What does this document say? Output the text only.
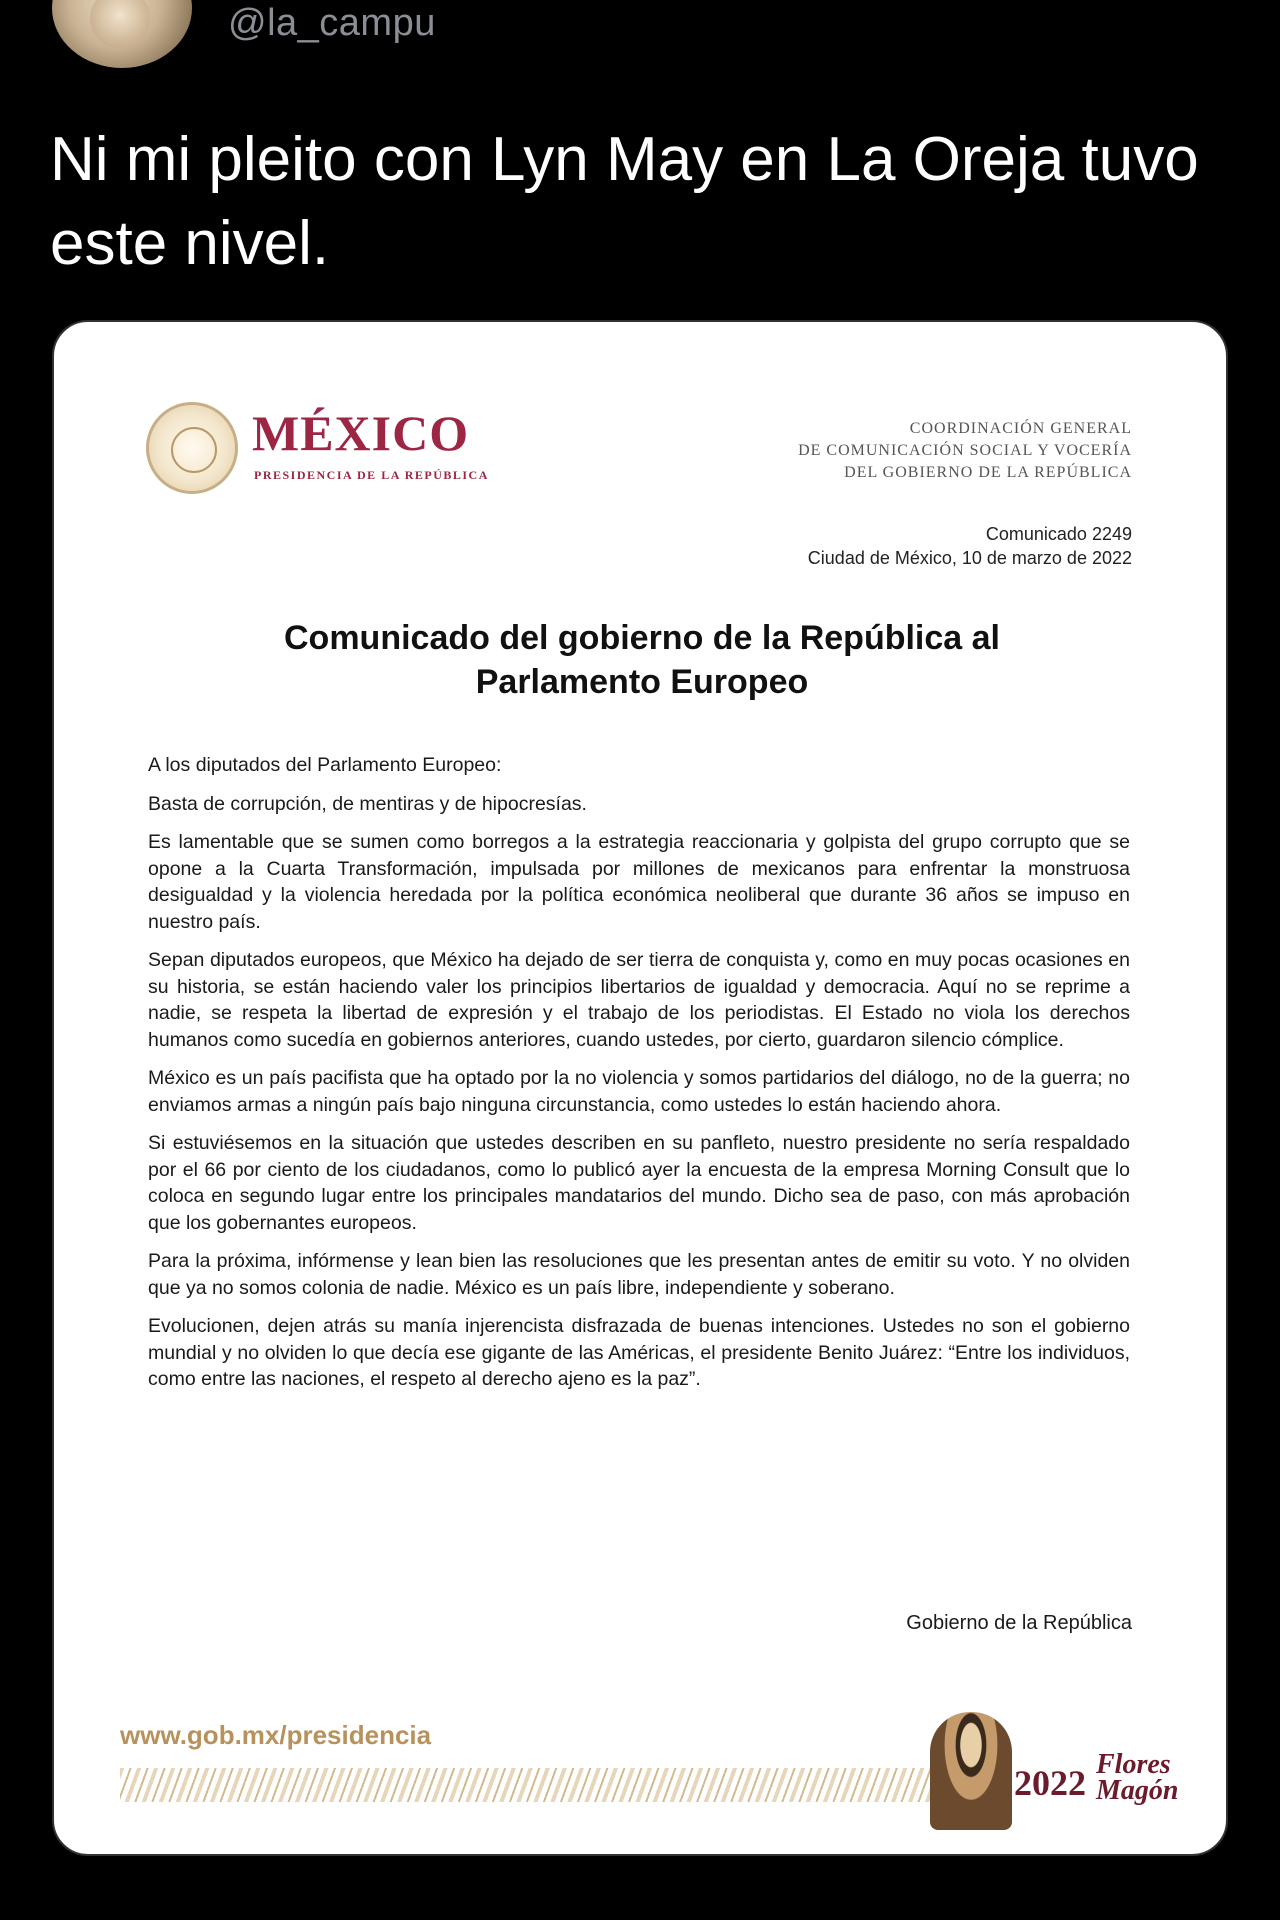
@la_campu
Ni mi pleito con Lyn May en La Oreja tuvo este nivel.
MÉXICO
PRESIDENCIA DE LA REPÚBLICA
COORDINACIÓN GENERAL
DE COMUNICACIÓN SOCIAL Y VOCERÍA
DEL GOBIERNO DE LA REPÚBLICA
Comunicado 2249
Ciudad de México, 10 de marzo de 2022
Comunicado del gobierno de la República al
Parlamento Europeo

A los diputados del Parlamento Europeo:

Basta de corrupción, de mentiras y de hipocresías.

Es lamentable que se sumen como borregos a la estrategia reaccionaria y golpista del grupo corrupto que se opone a la Cuarta Transformación, impulsada por millones de mexicanos para enfrentar la monstruosa desigualdad y la violencia heredada por la política económica neoliberal que durante 36 años se impuso en nuestro país.

Sepan diputados europeos, que México ha dejado de ser tierra de conquista y, como en muy pocas ocasiones en su historia, se están haciendo valer los principios libertarios de igualdad y democracia. Aquí no se reprime a nadie, se respeta la libertad de expresión y el trabajo de los periodistas. El Estado no viola los derechos humanos como sucedía en gobiernos anteriores, cuando ustedes, por cierto, guardaron silencio cómplice.

México es un país pacifista que ha optado por la no violencia y somos partidarios del diálogo, no de la guerra; no enviamos armas a ningún país bajo ninguna circunstancia, como ustedes lo están haciendo ahora.

Si estuviésemos en la situación que ustedes describen en su panfleto, nuestro presidente no sería respaldado por el 66 por ciento de los ciudadanos, como lo publicó ayer la encuesta de la empresa Morning Consult que lo coloca en segundo lugar entre los principales mandatarios del mundo. Dicho sea de paso, con más aprobación que los gobernantes europeos.

Para la próxima, infórmense y lean bien las resoluciones que les presentan antes de emitir su voto. Y no olviden que ya no somos colonia de nadie. México es un país libre, independiente y soberano.

Evolucionen, dejen atrás su manía injerencista disfrazada de buenas intenciones. Ustedes no son el gobierno mundial y no olviden lo que decía ese gigante de las Américas, el presidente Benito Juárez: “Entre los individuos, como entre las naciones, el respeto al derecho ajeno es la paz”.

Gobierno de la República
www.gob.mx/presidencia
2022 Flores
Magón
